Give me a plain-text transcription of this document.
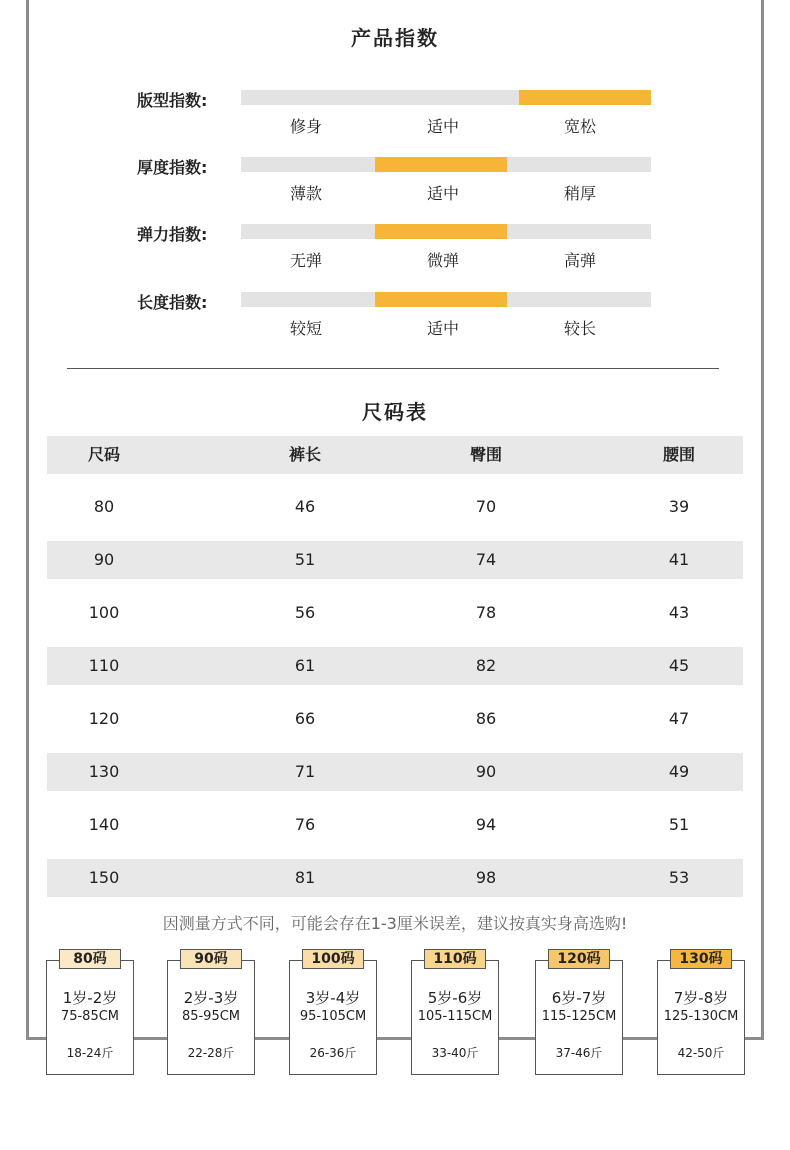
产品指数
版型指数:
修身	适中	宽松
厚度指数:
薄款	适中	稍厚
弹力指数:
无弹	微弹	高弹
长度指数:
较短	适中	较长
尺码表
尺码	裤长	臀围	腰围
80	46	70	39
90	51	74	41
100	56	78	43
110	61	82	45
120	66	86	47
130	71	90	49
140	76	94	51
150	81	98	53
因测量方式不同，可能会存在1-3厘米误差，建议按真实身高选购!
80码
1岁-2岁
75-85CM
18-24斤
90码
2岁-3岁
85-95CM
22-28斤
100码
3岁-4岁
95-105CM
26-36斤
110码
5岁-6岁
105-115CM
33-40斤
120码
6岁-7岁
115-125CM
37-46斤
130码
7岁-8岁
125-130CM
42-50斤
